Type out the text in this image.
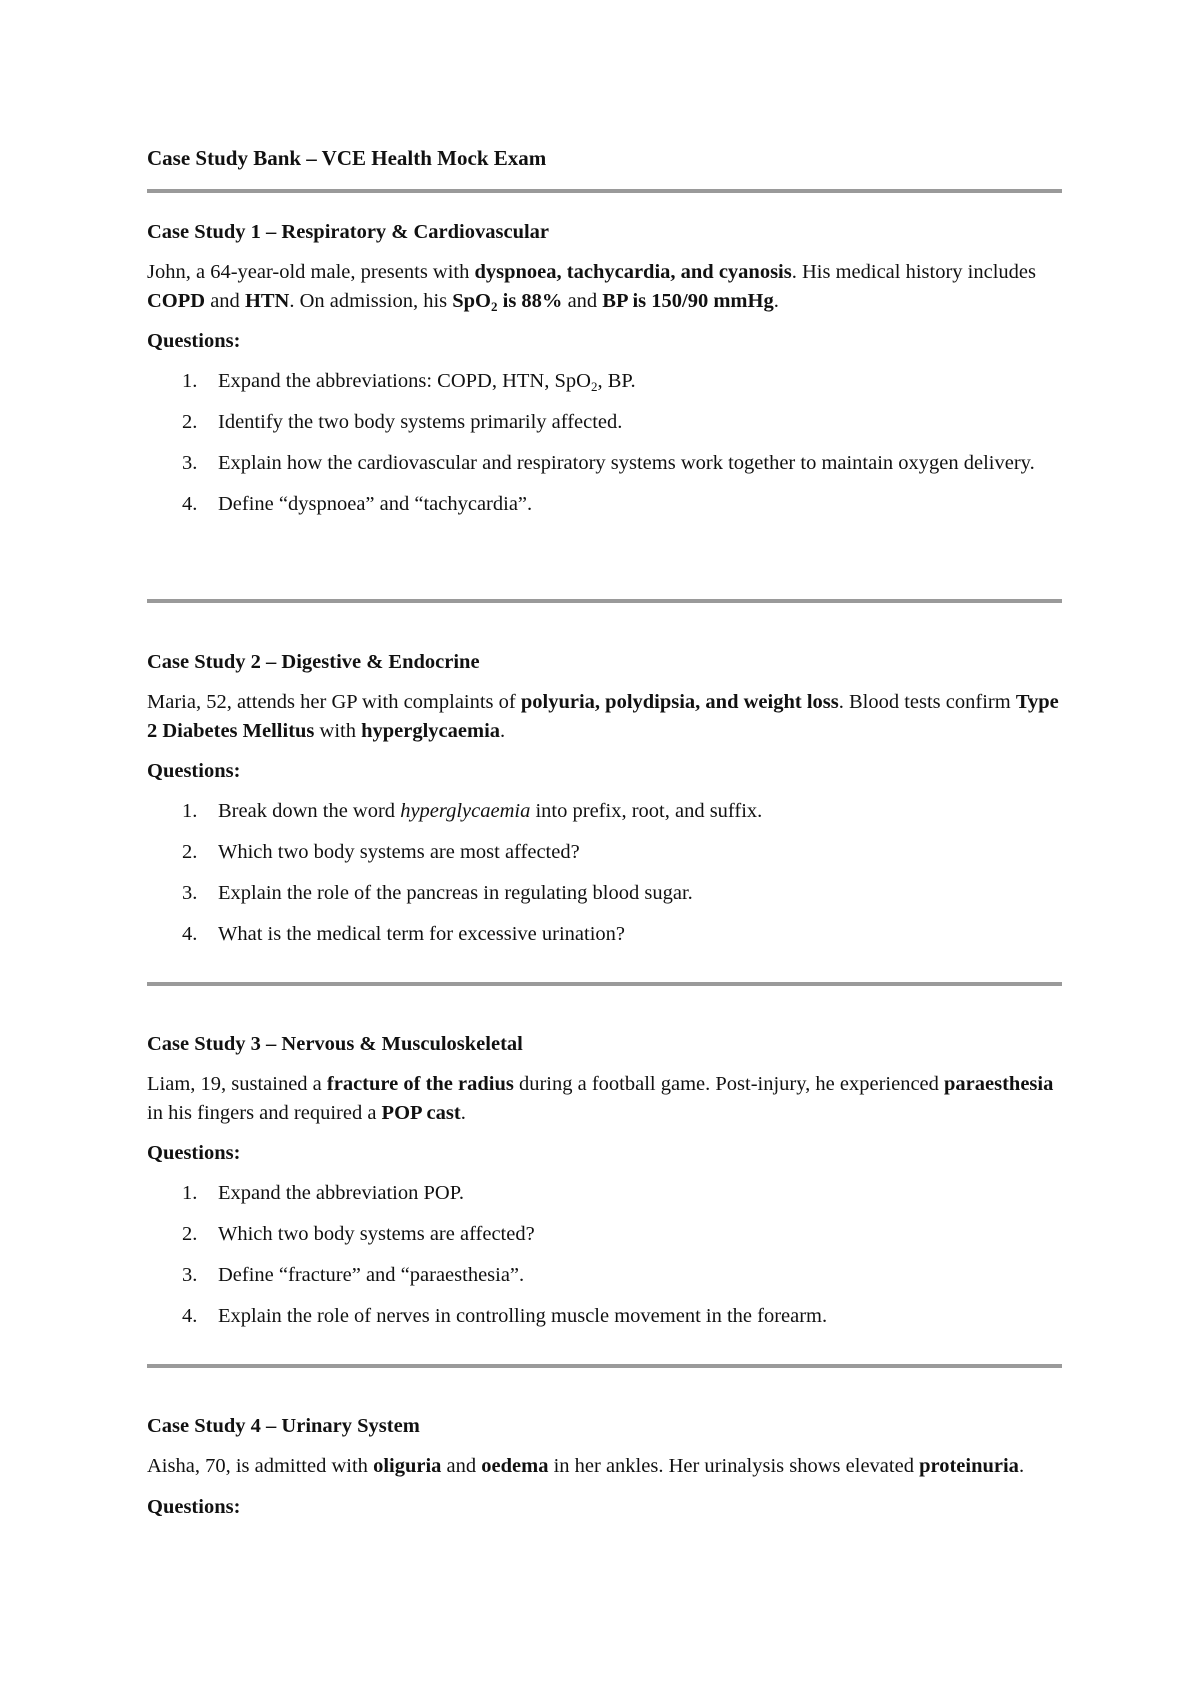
Case Study Bank – VCE Health Mock Exam
Case Study 1 – Respiratory & Cardiovascular

John, a 64-year-old male, presents with dyspnoea, tachycardia, and cyanosis. His medical history includes COPD and HTN. On admission, his SpO$_2$ is 88% and BP is 150/90 mmHg.

Questions:
1. Expand the abbreviations: COPD, HTN, SpO$_2$, BP.
2. Identify the two body systems primarily affected.
3. Explain how the cardiovascular and respiratory systems work together to maintain oxygen delivery.
4. Define “dyspnoea” and “tachycardia”.
Case Study 2 – Digestive & Endocrine

Maria, 52, attends her GP with complaints of polyuria, polydipsia, and weight loss. Blood tests confirm Type 2 Diabetes Mellitus with hyperglycaemia.

Questions:
1. Break down the word hyperglycaemia into prefix, root, and suffix.
2. Which two body systems are most affected?
3. Explain the role of the pancreas in regulating blood sugar.
4. What is the medical term for excessive urination?
Case Study 3 – Nervous & Musculoskeletal

Liam, 19, sustained a fracture of the radius during a football game. Post-injury, he experienced paraesthesia in his fingers and required a POP cast.

Questions:
1. Expand the abbreviation POP.
2. Which two body systems are affected?
3. Define “fracture” and “paraesthesia”.
4. Explain the role of nerves in controlling muscle movement in the forearm.
Case Study 4 – Urinary System

Aisha, 70, is admitted with oliguria and oedema in her ankles. Her urinalysis shows elevated proteinuria.

Questions:
